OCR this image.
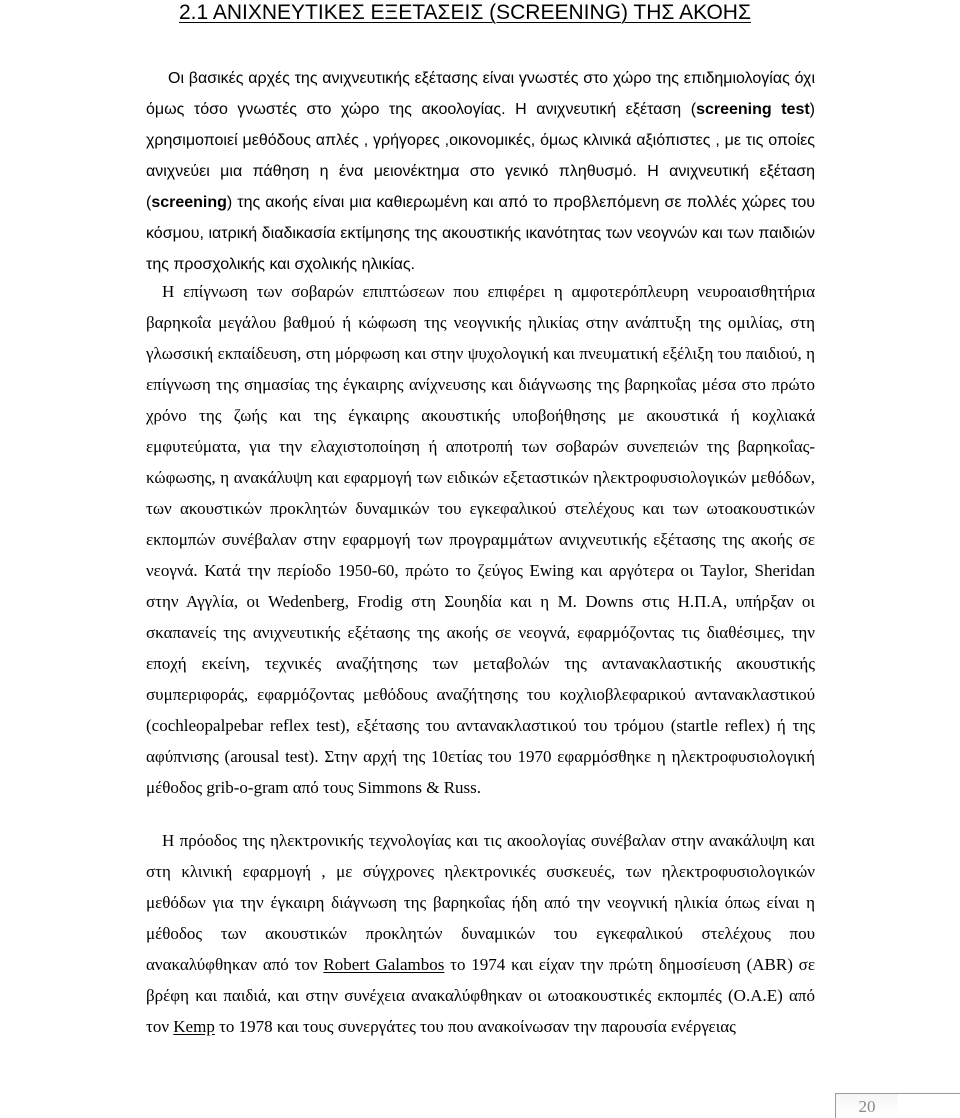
2.1 ΑΝΙΧΝΕΥΤΙΚΕΣ ΕΞΕΤΑΣΕΙΣ (SCREENING) ΤΗΣ ΑΚΟΗΣ

Οι βασικές αρχές της ανιχνευτικής εξέτασης είναι γνωστές στο χώρο της επιδημιολογίας όχι όμως τόσο γνωστές στο χώρο της ακοολογίας. Η ανιχνευτική εξέταση (screening test) χρησιμοποιεί μεθόδους απλές , γρήγορες ,οικονομικές, όμως κλινικά αξιόπιστες , με τις οποίες ανιχνεύει μια πάθηση η ένα μειονέκτημα στο γενικό πληθυσμό. Η ανιχνευτική εξέταση (screening) της ακοής είναι μια καθιερωμένη και από το προβλεπόμενη σε πολλές χώρες του κόσμου, ιατρική διαδικασία εκτίμησης της ακουστικής ικανότητας των νεογνών και των παιδιών της προσχολικής και σχολικής ηλικίας.

Η επίγνωση των σοβαρών επιπτώσεων που επιφέρει η αμφοτερόπλευρη νευροαισθητήρια βαρηκοΐα μεγάλου βαθμού ή κώφωση της νεογνικής ηλικίας στην ανάπτυξη της ομιλίας, στη γλωσσική εκπαίδευση, στη μόρφωση και στην ψυχολογική και πνευματική εξέλιξη του παιδιού, η επίγνωση της σημασίας της έγκαιρης ανίχνευσης και διάγνωσης της βαρηκοΐας μέσα στο πρώτο χρόνο της ζωής και της έγκαιρης ακουστικής υποβοήθησης με ακουστικά ή κοχλιακά εμφυτεύματα, για την ελαχιστοποίηση ή αποτροπή των σοβαρών συνεπειών της βαρηκοΐας-κώφωσης, η ανακάλυψη και εφαρμογή των ειδικών εξεταστικών ηλεκτροφυσιολογικών μεθόδων, των ακουστικών προκλητών δυναμικών του εγκεφαλικού στελέχους και των ωτοακουστικών εκπομπών συνέβαλαν στην εφαρμογή των προγραμμάτων ανιχνευτικής εξέτασης της ακοής σε νεογνά. Κατά την περίοδο 1950-60, πρώτο το ζεύγος Ewing και αργότερα οι Taylor, Sheridan στην Αγγλία, οι Wedenberg, Frodig στη Σουηδία και η M. Downs στις Η.Π.Α, υπήρξαν οι σκαπανείς της ανιχνευτικής εξέτασης της ακοής σε νεογνά, εφαρμόζοντας τις διαθέσιμες, την εποχή εκείνη, τεχνικές αναζήτησης των μεταβολών της αντανακλαστικής ακουστικής συμπεριφοράς, εφαρμόζοντας μεθόδους αναζήτησης του κοχλιοβλεφαρικού αντανακλαστικού (cochleopalpebar reflex test), εξέτασης του αντανακλαστικού του τρόμου (startle reflex) ή της αφύπνισης (arousal test). Στην αρχή της 10ετίας του 1970 εφαρμόσθηκε η ηλεκτροφυσιολογική μέθοδος grib-o-gram από τους Simmons & Russ.

Η πρόοδος της ηλεκτρονικής τεχνολογίας και τις ακοολογίας συνέβαλαν στην ανακάλυψη και στη κλινική εφαρμογή , με σύγχρονες ηλεκτρονικές συσκευές, των ηλεκτροφυσιολογικών μεθόδων για την έγκαιρη διάγνωση της βαρηκοΐας ήδη από την νεογνική ηλικία όπως είναι η μέθοδος των ακουστικών προκλητών δυναμικών του εγκεφαλικού στελέχους που ανακαλύφθηκαν από τον Robert Galambos το 1974 και είχαν την πρώτη δημοσίευση (ABR) σε βρέφη και παιδιά, και στην συνέχεια ανακαλύφθηκαν οι ωτοακουστικές εκπομπές (Ο.Α.Ε) από τον Kemp το 1978 και τους συνεργάτες του που ανακοίνωσαν την παρουσία ενέργειας

20
